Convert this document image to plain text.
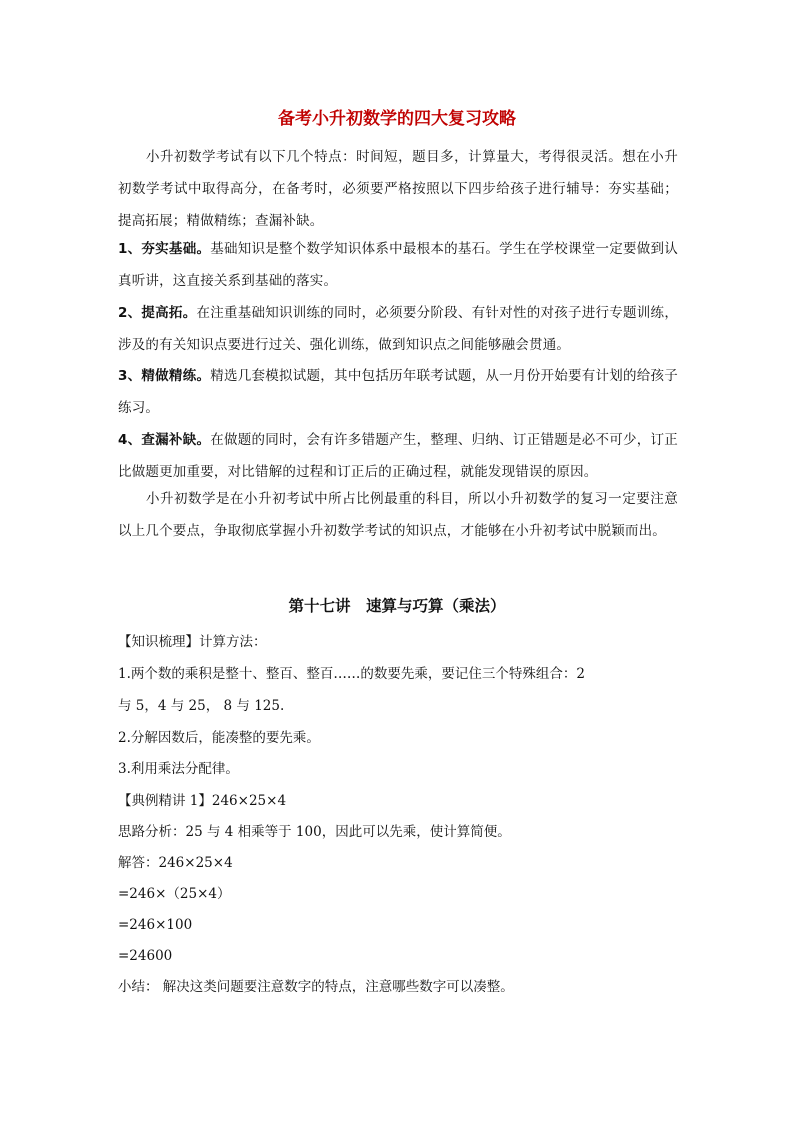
备考小升初数学的四大复习攻略

小升初数学考试有以下几个特点：时间短，题目多，计算量大，考得很灵活。想在小升初数学考试中取得高分，在备考时，必须要严格按照以下四步给孩子进行辅导：夯实基础；提高拓展；精做精练；查漏补缺。

1、夯实基础。基础知识是整个数学知识体系中最根本的基石。学生在学校课堂一定要做到认真听讲，这直接关系到基础的落实。

2、提高拓。在注重基础知识训练的同时，必须要分阶段、有针对性的对孩子进行专题训练，涉及的有关知识点要进行过关、强化训练，做到知识点之间能够融会贯通。

3、精做精练。精选几套模拟试题，其中包括历年联考试题，从一月份开始要有计划的给孩子练习。

4、查漏补缺。在做题的同时，会有许多错题产生，整理、归纳、订正错题是必不可少，订正比做题更加重要，对比错解的过程和订正后的正确过程，就能发现错误的原因。

小升初数学是在小升初考试中所占比例最重的科目，所以小升初数学的复习一定要注意以上几个要点，争取彻底掌握小升初数学考试的知识点，才能够在小升初考试中脱颖而出。

第十七讲　速算与巧算（乘法）

【知识梳理】计算方法：

1.两个数的乘积是整十、整百、整百……的数要先乘，要记住三个特殊组合：2

与 5，4 与 25， 8 与 125.

2.分解因数后，能凑整的要先乘。

3.利用乘法分配律。

【典例精讲 1】246×25×4

思路分析：25 与 4 相乘等于 100，因此可以先乘，使计算简便。

解答：246×25×4

=246×（25×4）

=246×100

=24600

小结： 解决这类问题要注意数字的特点，注意哪些数字可以凑整。
